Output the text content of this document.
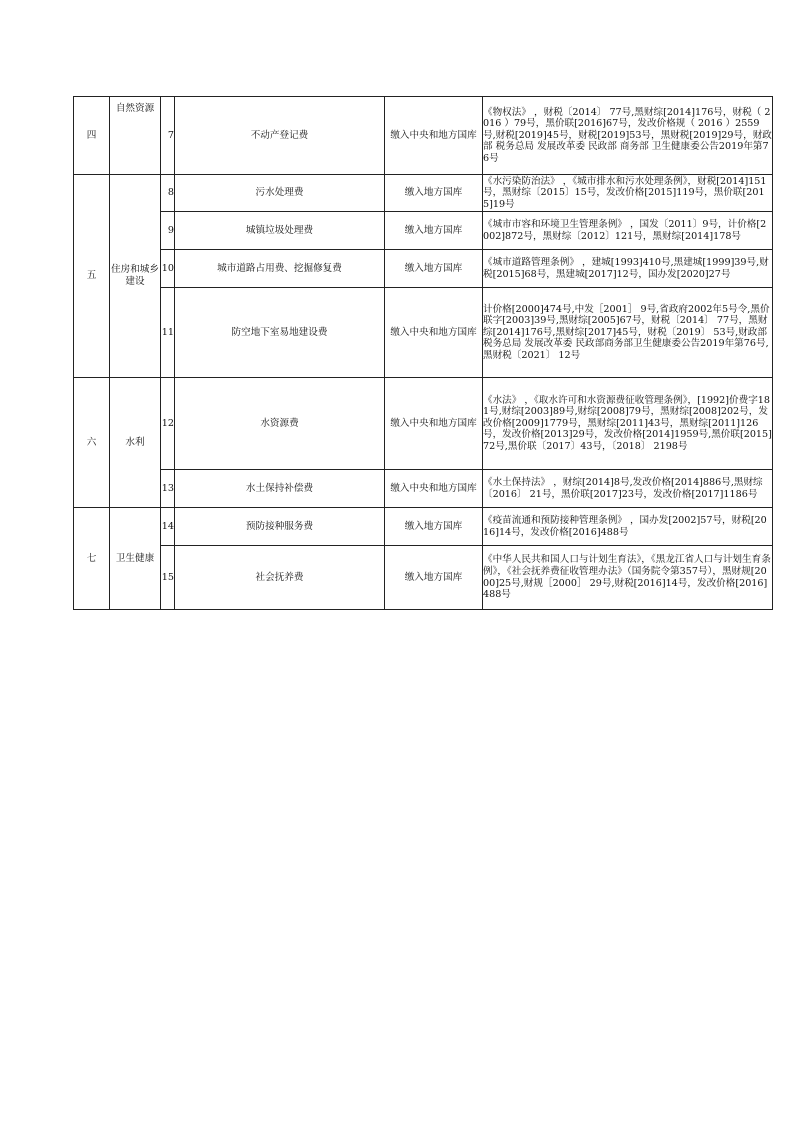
四	自然资源	7	不动产登记费	缴入中央和地方国库	《物权法》 ，财税〔2014〕 77号,黑财综[2014]176号，财税（ 2016 ）79号，黑价联[2016]67号，发改价格规（ 2016 ）2559号,财税[2019]45号，财税[2019]53号，黑财税[2019]29号，财政部 税务总局 发展改革委 民政部 商务部 卫生健康委公告2019年第76号
五	住房和城乡建设	8	污水处理费	缴入地方国库	《水污染防治法》 ，《城市排水和污水处理条例》，财税[2014]151号，黑财综〔2015〕15号，发改价格[2015]119号，黑价联[2015]19号
		9	城镇垃圾处理费	缴入地方国库	《城市市容和环境卫生管理条例》 ，国发〔2011〕9号，计价格[2002]872号，黑财综〔2012〕121号，黑财综[2014]178号
		10	城市道路占用费、挖掘修复费	缴入地方国库	《城市道路管理条例》 ，建城[1993]410号,黑建城[1999]39号,财税[2015]68号，黑建城[2017]12号，国办发[2020]27号
		11	防空地下室易地建设费	缴入中央和地方国库	计价格[2000]474号,中发［2001］ 9号,省政府2002年5号令,黑价联字[2003]39号,黑财综[2005]67号，财税〔2014〕 77号，黑财综[2014]176号,黑财综[2017]45号，财税〔2019〕 53号,财政部 税务总局 发展改革委 民政部商务部卫生健康委公告2019年第76号,黑财税〔2021〕 12号
六	水利	12	水资源费	缴入中央和地方国库	《水法》 ，《取水许可和水资源费征收管理条例》，[1992]价费字181号,财综[2003]89号,财综[2008]79号，黑财综[2008]202号，发改价格[2009]1779号，黑财综[2011]43号，黑财综[2011]126号，发改价格[2013]29号，发改价格[2014]1959号,黑价联[2015]72号,黑价联〔2017〕43号，〔2018〕 2198号
		13	水土保持补偿费	缴入中央和地方国库	《水土保持法》 ，财综[2014]8号,发改价格[2014]886号,黑财综〔2016〕 21号，黑价联[2017]23号，发改价格[2017]1186号
七	卫生健康	14	预防接种服务费	缴入地方国库	《疫苗流通和预防接种管理条例》 ，国办发[2002]57号，财税[2016]14号，发改价格[2016]488号
		15	社会抚养费	缴入地方国库	《中华人民共和国人口与计划生育法》，《黑龙江省人口与计划生育条例》，《社会抚养费征收管理办法》（国务院令第357号），黑财规[2000]25号,财规［2000］ 29号,财税[2016]14号，发改价格[2016]488号
